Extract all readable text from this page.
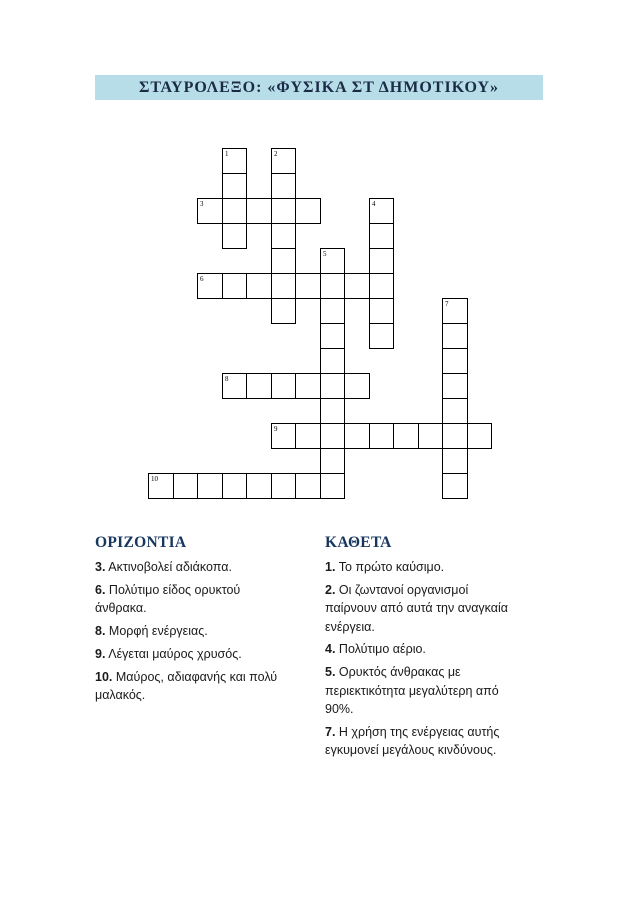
ΣΤΑΥΡΟΛΕΞΟ: «ΦΥΣΙΚΑ ΣΤ ΔΗΜΟΤΙΚΟΥ»
1	2
3	4
5
6
7
8
9
10
ΟΡΙΖΟΝΤΙΑ
3. Ακτινοβολεί αδιάκοπα.
6. Πολύτιμο είδος ορυκτού
άνθρακα.
8. Μορφή ενέργειας.
9. Λέγεται μαύρος χρυσός.
10. Μαύρος, αδιαφανής και πολύ
μαλακός.
ΚΑΘΕΤΑ
1. Το πρώτο καύσιμο.
2. Οι ζωντανοί οργανισμοί
παίρνουν από αυτά την αναγκαία
ενέργεια.
4. Πολύτιμο αέριο.
5. Ορυκτός άνθρακας με
περιεκτικότητα μεγαλύτερη από
90%.
7. Η χρήση της ενέργειας αυτής
εγκυμονεί μεγάλους κινδύνους.
